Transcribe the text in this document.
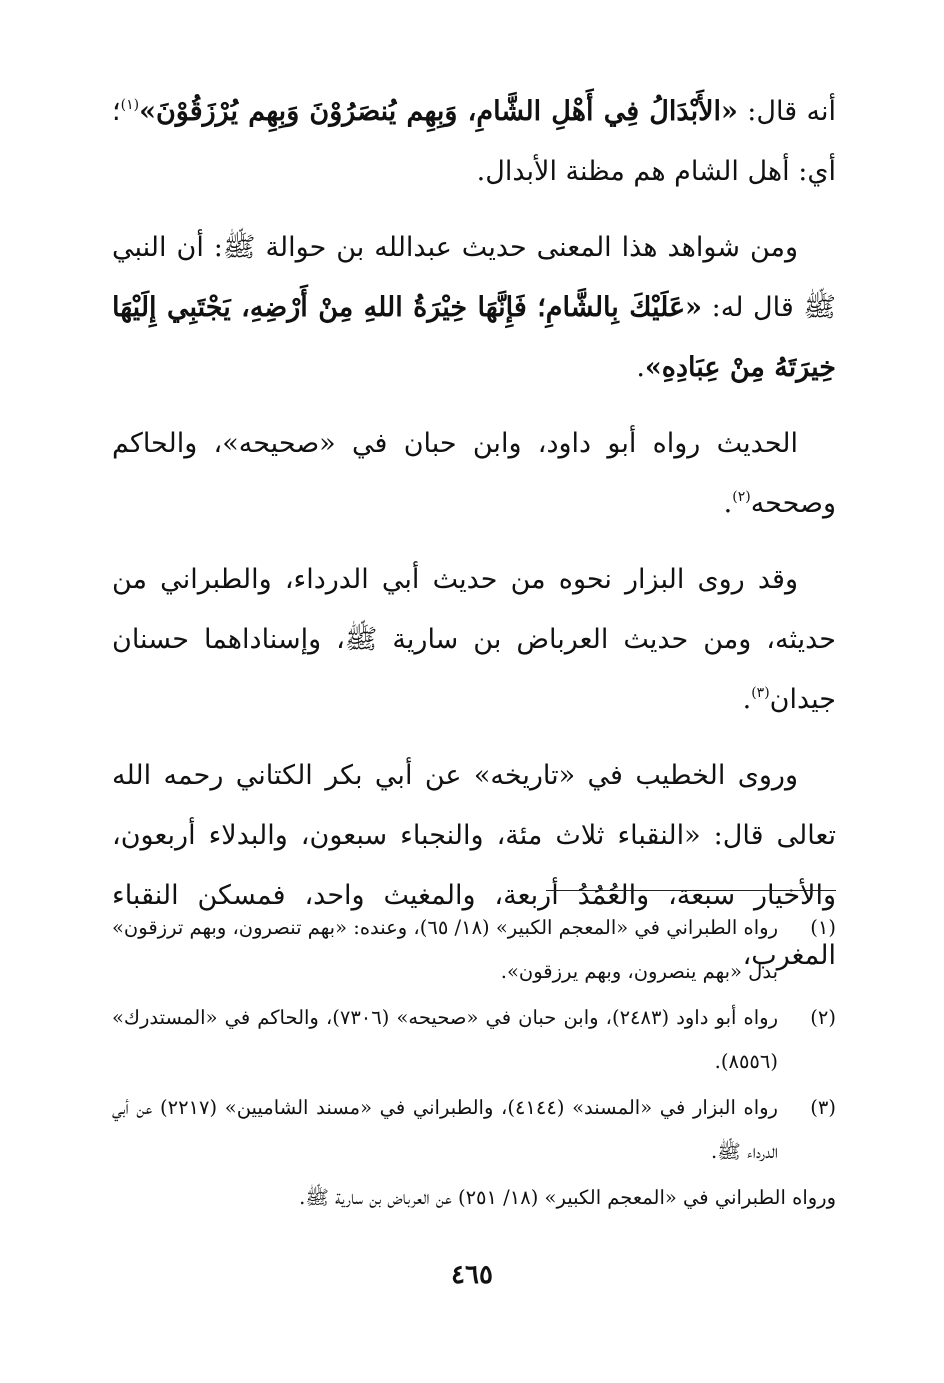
أنه قال: «الأَبْدَالُ فِي أَهْلِ الشَّامِ، وَبِهِم يُنصَرُوْنَ وَبِهِم يُرْزَقُوْنَ»$^{(١)}$؛ أي: أهل الشام هم مظنة الأبدال.

ومن شواهد هذا المعنى حديث عبدالله بن حوالة ﷺ: أن النبي ﷺ قال له: «عَلَيْكَ بِالشَّامِ؛ فَإِنَّهَا خِيْرَةُ اللهِ مِنْ أَرْضِهِ، يَجْتَبِي إِلَيْهَا خِيرَتَهُ مِنْ عِبَادِهِ».

الحديث رواه أبو داود، وابن حبان في «صحيحه»، والحاكم وصححه$^{(٢)}$.

وقد روى البزار نحوه من حديث أبي الدرداء، والطبراني من حديثه، ومن حديث العرباض بن سارية ﷺ، وإسناداهما حسنان جيدان$^{(٣)}$.

وروى الخطيب في «تاريخه» عن أبي بكر الكتاني رحمه الله تعالى قال: «النقباء ثلاث مئة، والنجباء سبعون، والبدلاء أربعون، والأخيار سبعة، والعُمُدُ أربعة، والمغيث واحد، فمسكن النقباء المغرب،

(١)
رواه الطبراني في «المعجم الكبير» (١٨/ ٦٥)، وعنده: «بهم تنصرون، وبهم ترزقون» بدل «بهم ينصرون، وبهم يرزقون».
(٢)
رواه أبو داود (٢٤٨٣)، وابن حبان في «صحيحه» (٧٣٠٦)، والحاكم في «المستدرك» (٨٥٥٦).
(٣)
رواه البزار في «المسند» (٤١٤٤)، والطبراني في «مسند الشاميين» (٢٢١٧) عن أبي الدرداء ﷺ.

ورواه الطبراني في «المعجم الكبير» (١٨/ ٢٥١) عن العرباض بن سارية ﷺ.

٤٦٥
